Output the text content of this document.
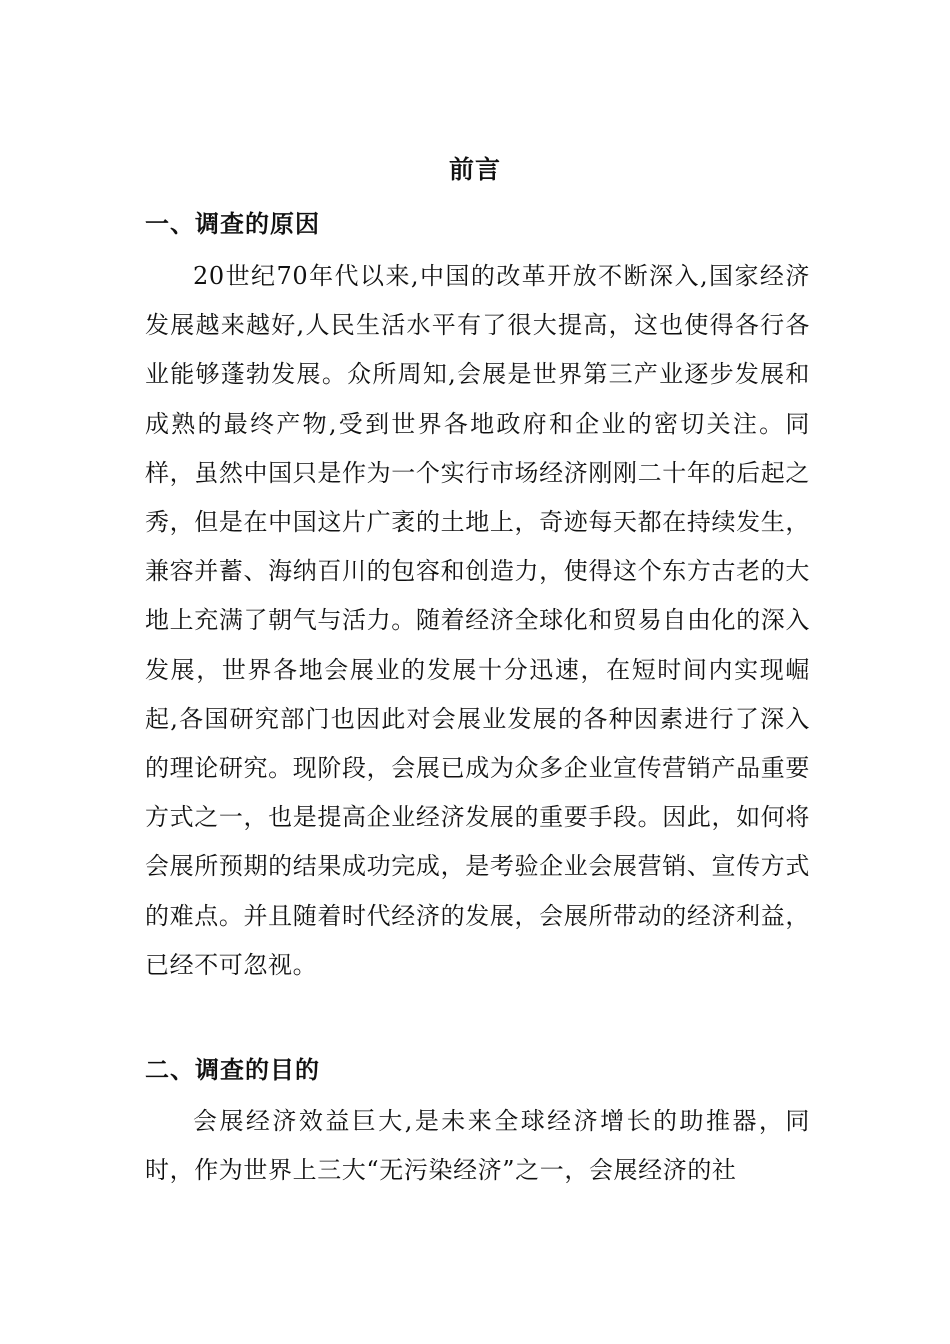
前言
一、调查的原因

20世纪70年代以来,中国的改革开放不断深入,国家经济发展越来越好,人民生活水平有了很大提高，这也使得各行各业能够蓬勃发展。众所周知,会展是世界第三产业逐步发展和成熟的最终产物,受到世界各地政府和企业的密切关注。同样，虽然中国只是作为一个实行市场经济刚刚二十年的后起之秀，但是在中国这片广袤的土地上，奇迹每天都在持续发生，兼容并蓄、海纳百川的包容和创造力，使得这个东方古老的大地上充满了朝气与活力。随着经济全球化和贸易自由化的深入发展，世界各地会展业的发展十分迅速，在短时间内实现崛起,各国研究部门也因此对会展业发展的各种因素进行了深入的理论研究。现阶段，会展已成为众多企业宣传营销产品重要方式之一，也是提高企业经济发展的重要手段。因此，如何将会展所预期的结果成功完成，是考验企业会展营销、宣传方式的难点。并且随着时代经济的发展，会展所带动的经济利益，已经不可忽视。

二、调查的目的

会展经济效益巨大,是未来全球经济增长的助推器，同时，作为世界上三大“无污染经济”之一，会展经济的社
